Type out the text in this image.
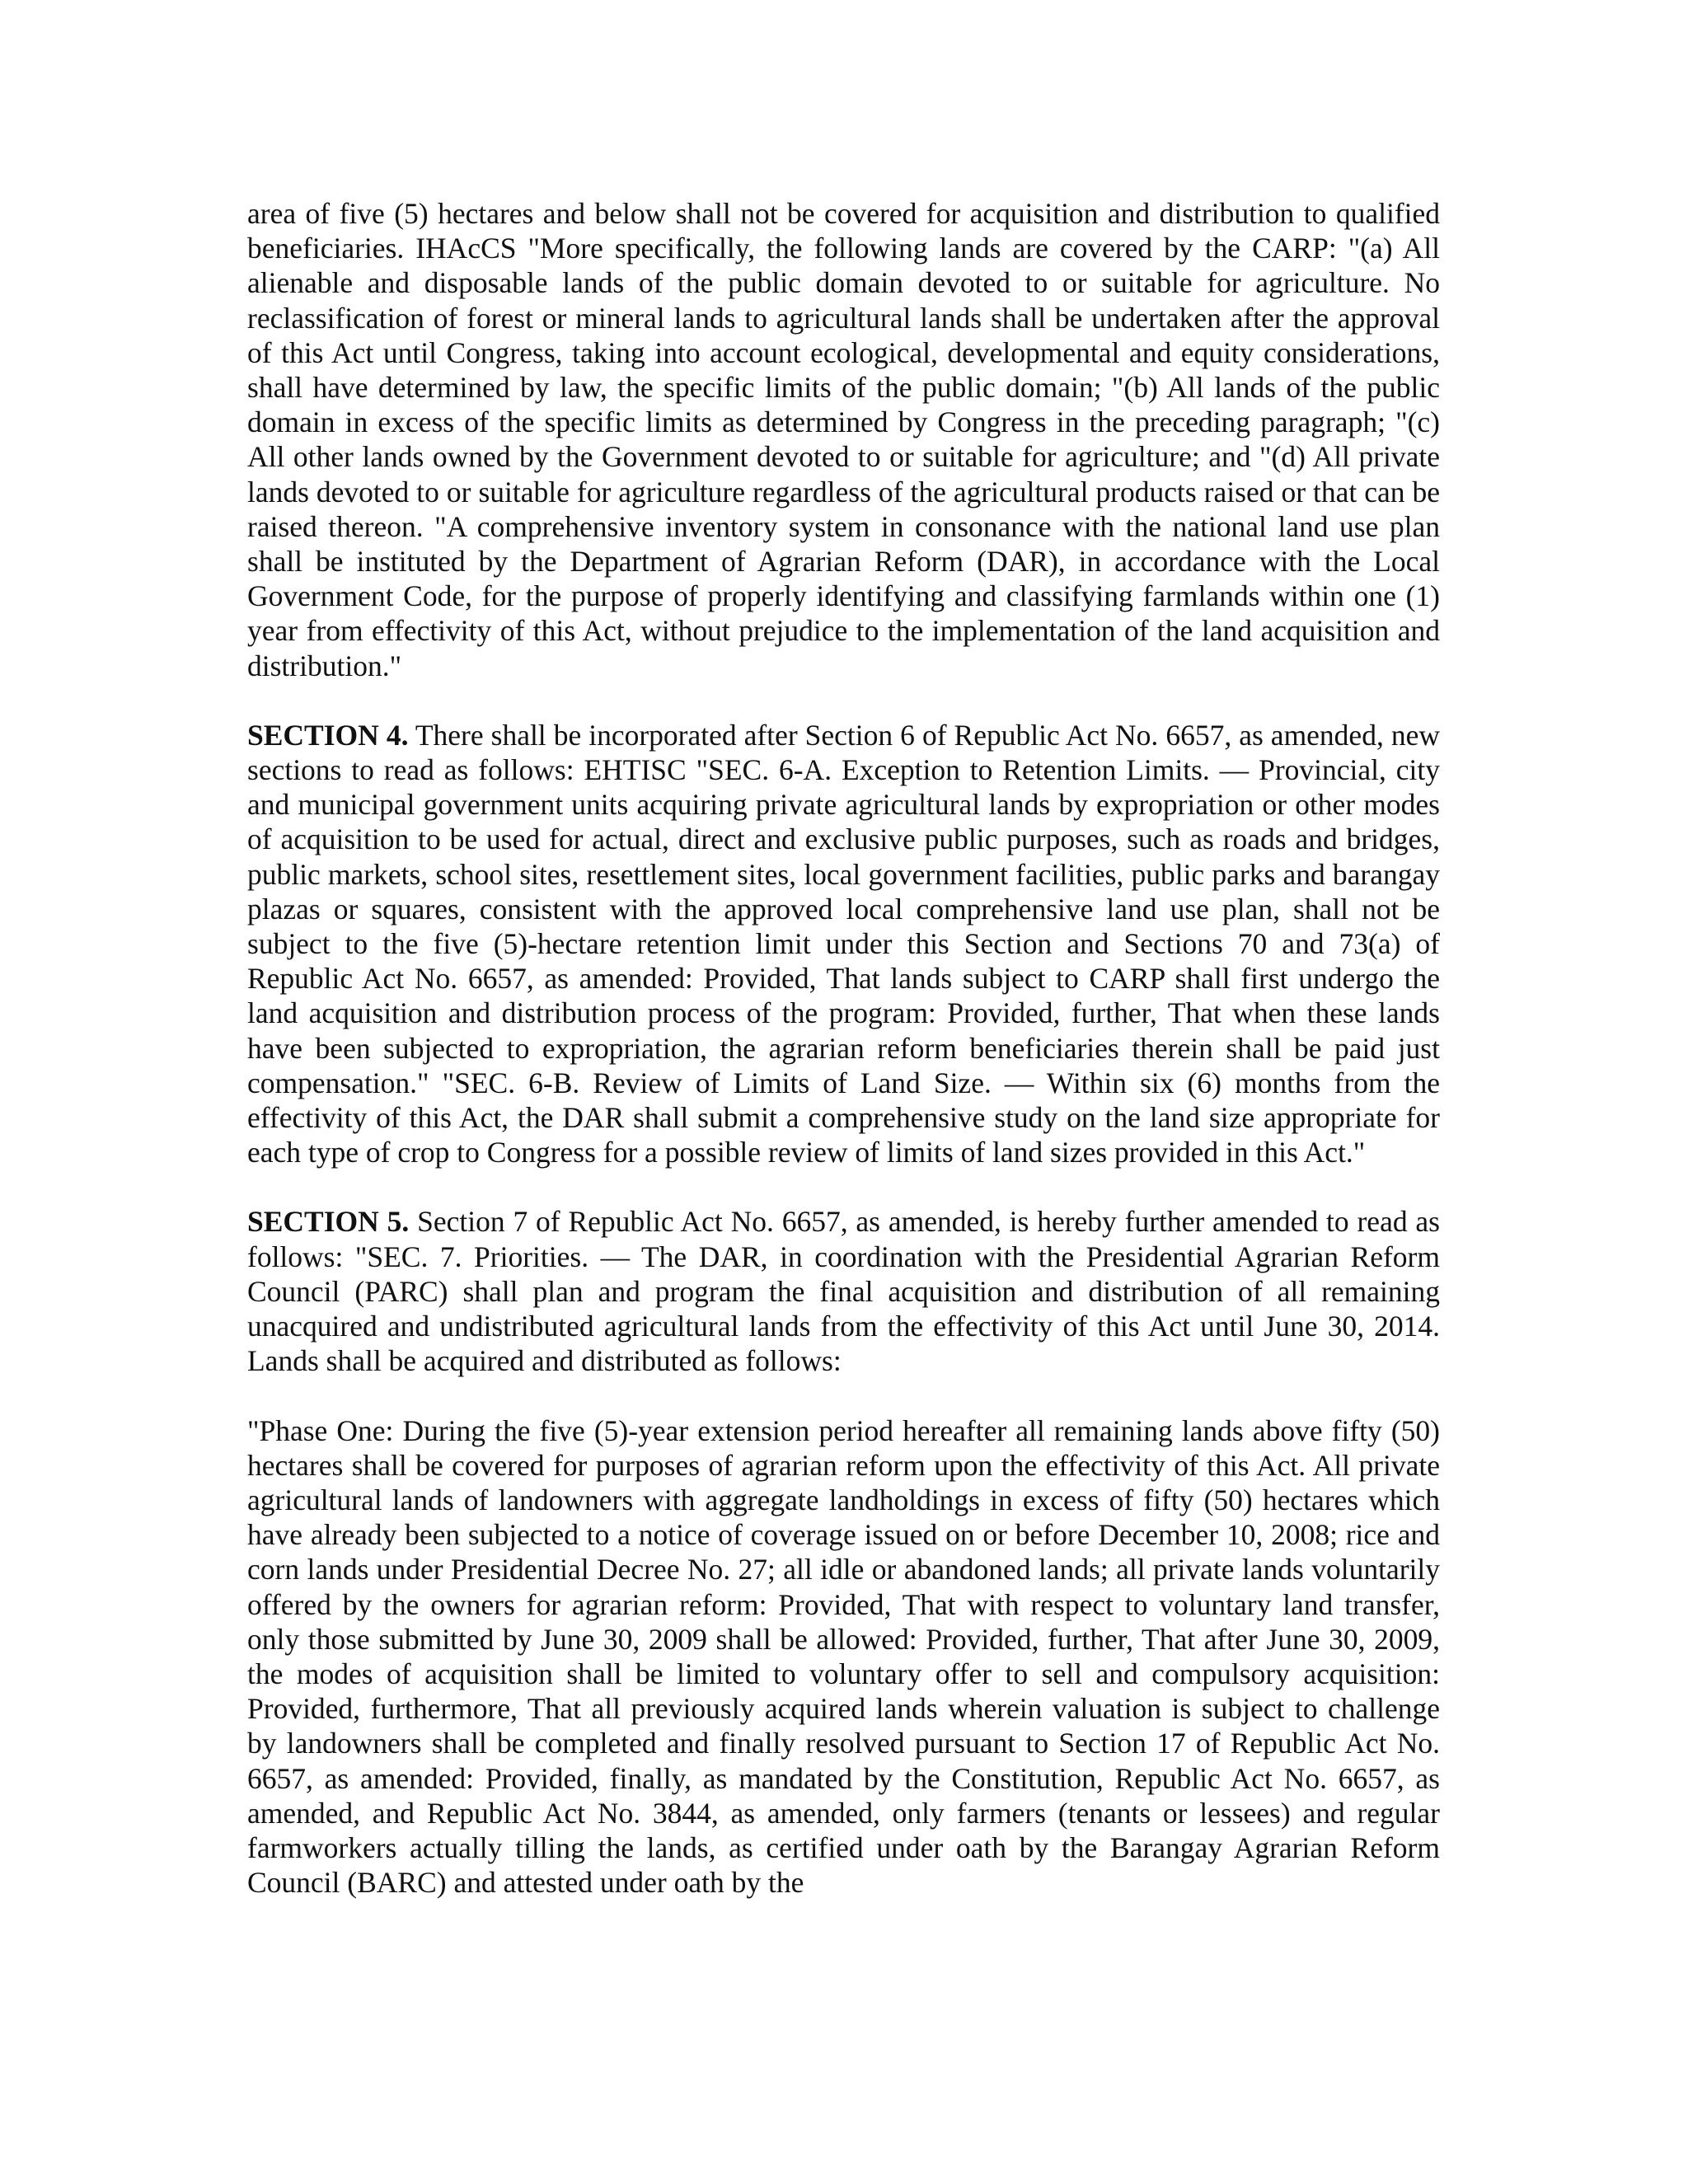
area of five (5) hectares and below shall not be covered for acquisition and distribution to qualified beneficiaries. IHAcCS "More specifically, the following lands are covered by the CARP: "(a) All alienable and disposable lands of the public domain devoted to or suitable for agriculture. No reclassification of forest or mineral lands to agricultural lands shall be undertaken after the approval of this Act until Congress, taking into account ecological, developmental and equity considerations, shall have determined by law, the specific limits of the public domain; "(b) All lands of the public domain in excess of the specific limits as determined by Congress in the preceding paragraph; "(c) All other lands owned by the Government devoted to or suitable for agriculture; and "(d) All private lands devoted to or suitable for agriculture regardless of the agricultural products raised or that can be raised thereon. "A comprehensive inventory system in consonance with the national land use plan shall be instituted by the Department of Agrarian Reform (DAR), in accordance with the Local Government Code, for the purpose of properly identifying and classifying farmlands within one (1) year from effectivity of this Act, without prejudice to the implementation of the land acquisition and distribution."

SECTION 4. There shall be incorporated after Section 6 of Republic Act No. 6657, as amended, new sections to read as follows: EHTISC "SEC. 6-A. Exception to Retention Limits. — Provincial, city and municipal government units acquiring private agricultural lands by expropriation or other modes of acquisition to be used for actual, direct and exclusive public purposes, such as roads and bridges, public markets, school sites, resettlement sites, local government facilities, public parks and barangay plazas or squares, consistent with the approved local comprehensive land use plan, shall not be subject to the five (5)-hectare retention limit under this Section and Sections 70 and 73(a) of Republic Act No. 6657, as amended: Provided, That lands subject to CARP shall first undergo the land acquisition and distribution process of the program: Provided, further, That when these lands have been subjected to expropriation, the agrarian reform beneficiaries therein shall be paid just compensation." "SEC. 6-B. Review of Limits of Land Size. — Within six (6) months from the effectivity of this Act, the DAR shall submit a comprehensive study on the land size appropriate for each type of crop to Congress for a possible review of limits of land sizes provided in this Act."

SECTION 5. Section 7 of Republic Act No. 6657, as amended, is hereby further amended to read as follows: "SEC. 7. Priorities. — The DAR, in coordination with the Presidential Agrarian Reform Council (PARC) shall plan and program the final acquisition and distribution of all remaining unacquired and undistributed agricultural lands from the effectivity of this Act until June 30, 2014. Lands shall be acquired and distributed as follows:

"Phase One: During the five (5)-year extension period hereafter all remaining lands above fifty (50) hectares shall be covered for purposes of agrarian reform upon the effectivity of this Act. All private agricultural lands of landowners with aggregate landholdings in excess of fifty (50) hectares which have already been subjected to a notice of coverage issued on or before December 10, 2008; rice and corn lands under Presidential Decree No. 27; all idle or abandoned lands; all private lands voluntarily offered by the owners for agrarian reform: Provided, That with respect to voluntary land transfer, only those submitted by June 30, 2009 shall be allowed: Provided, further, That after June 30, 2009, the modes of acquisition shall be limited to voluntary offer to sell and compulsory acquisition: Provided, furthermore, That all previously acquired lands wherein valuation is subject to challenge by landowners shall be completed and finally resolved pursuant to Section 17 of Republic Act No. 6657, as amended: Provided, finally, as mandated by the Constitution, Republic Act No. 6657, as amended, and Republic Act No. 3844, as amended, only farmers (tenants or lessees) and regular farmworkers actually tilling the lands, as certified under oath by the Barangay Agrarian Reform Council (BARC) and attested under oath by the
